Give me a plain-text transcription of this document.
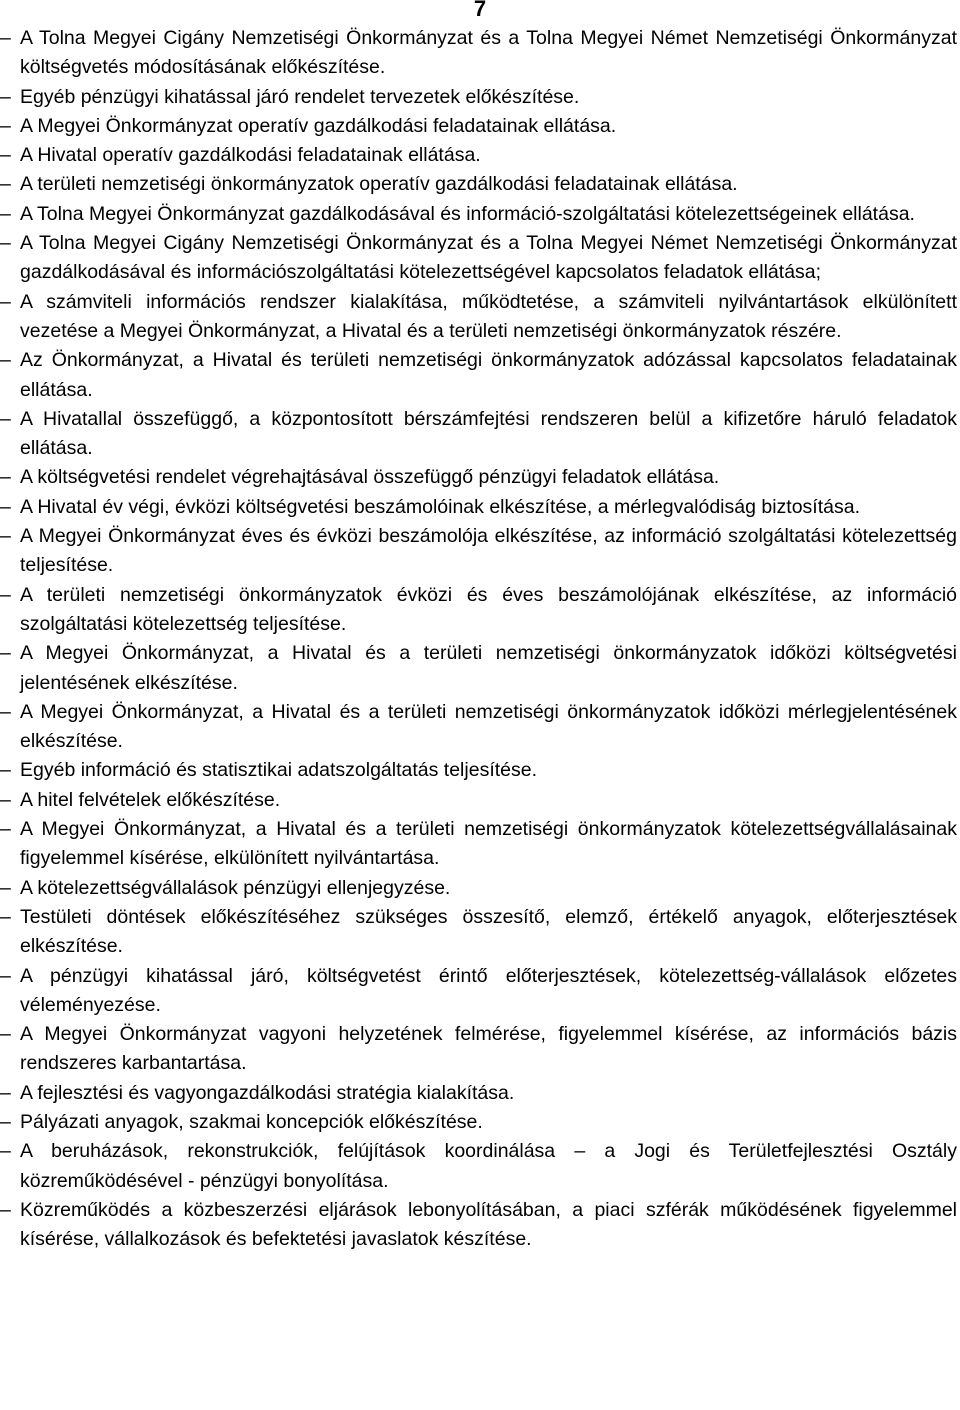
7
– A Tolna Megyei Cigány Nemzetiségi Önkormányzat és a Tolna Megyei Német Nemzetiségi Önkormányzat költségvetés módosításának előkészítése.
– Egyéb pénzügyi kihatással járó rendelet tervezetek előkészítése.
– A Megyei Önkormányzat operatív gazdálkodási feladatainak ellátása.
– A Hivatal operatív gazdálkodási feladatainak ellátása.
– A területi nemzetiségi önkormányzatok operatív gazdálkodási feladatainak ellátása.
– A Tolna Megyei Önkormányzat gazdálkodásával és információ-szolgáltatási kötelezettségeinek ellátása.
– A Tolna Megyei Cigány Nemzetiségi Önkormányzat és a Tolna Megyei Német Nemzetiségi Önkormányzat gazdálkodásával és információszolgáltatási kötelezettségével kapcsolatos feladatok ellátása;
– A számviteli információs rendszer kialakítása, működtetése, a számviteli nyilvántartások elkülönített vezetése a Megyei Önkormányzat, a Hivatal és a területi nemzetiségi önkormányzatok részére.
– Az Önkormányzat, a Hivatal és területi nemzetiségi önkormányzatok adózással kapcsolatos feladatainak ellátása.
– A Hivatallal összefüggő, a központosított bérszámfejtési rendszeren belül a kifizetőre háruló feladatok ellátása.
– A költségvetési rendelet végrehajtásával összefüggő pénzügyi feladatok ellátása.
– A Hivatal év végi, évközi költségvetési beszámolóinak elkészítése, a mérlegvalódiság biztosítása.
– A Megyei Önkormányzat éves és évközi beszámolója elkészítése, az információ szolgáltatási kötelezettség teljesítése.
– A területi nemzetiségi önkormányzatok évközi és éves beszámolójának elkészítése, az információ szolgáltatási kötelezettség teljesítése.
– A Megyei Önkormányzat, a Hivatal és a területi nemzetiségi önkormányzatok időközi költségvetési jelentésének elkészítése.
– A Megyei Önkormányzat, a Hivatal és a területi nemzetiségi önkormányzatok időközi mérlegjelentésének elkészítése.
– Egyéb információ és statisztikai adatszolgáltatás teljesítése.
– A hitel felvételek előkészítése.
– A Megyei Önkormányzat, a Hivatal és a területi nemzetiségi önkormányzatok kötelezettségvállalásainak figyelemmel kísérése, elkülönített nyilvántartása.
– A kötelezettségvállalások pénzügyi ellenjegyzése.
– Testületi döntések előkészítéséhez szükséges összesítő, elemző, értékelő anyagok, előterjesztések elkészítése.
– A pénzügyi kihatással járó, költségvetést érintő előterjesztések, kötelezettség-vállalások előzetes véleményezése.
– A Megyei Önkormányzat vagyoni helyzetének felmérése, figyelemmel kísérése, az információs bázis rendszeres karbantartása.
– A fejlesztési és vagyongazdálkodási stratégia kialakítása.
– Pályázati anyagok, szakmai koncepciók előkészítése.
– A beruházások, rekonstrukciók, felújítások koordinálása – a Jogi és Területfejlesztési Osztály közreműködésével - pénzügyi bonyolítása.
– Közreműködés a közbeszerzési eljárások lebonyolításában, a piaci szférák működésének figyelemmel kísérése, vállalkozások és befektetési javaslatok készítése.
